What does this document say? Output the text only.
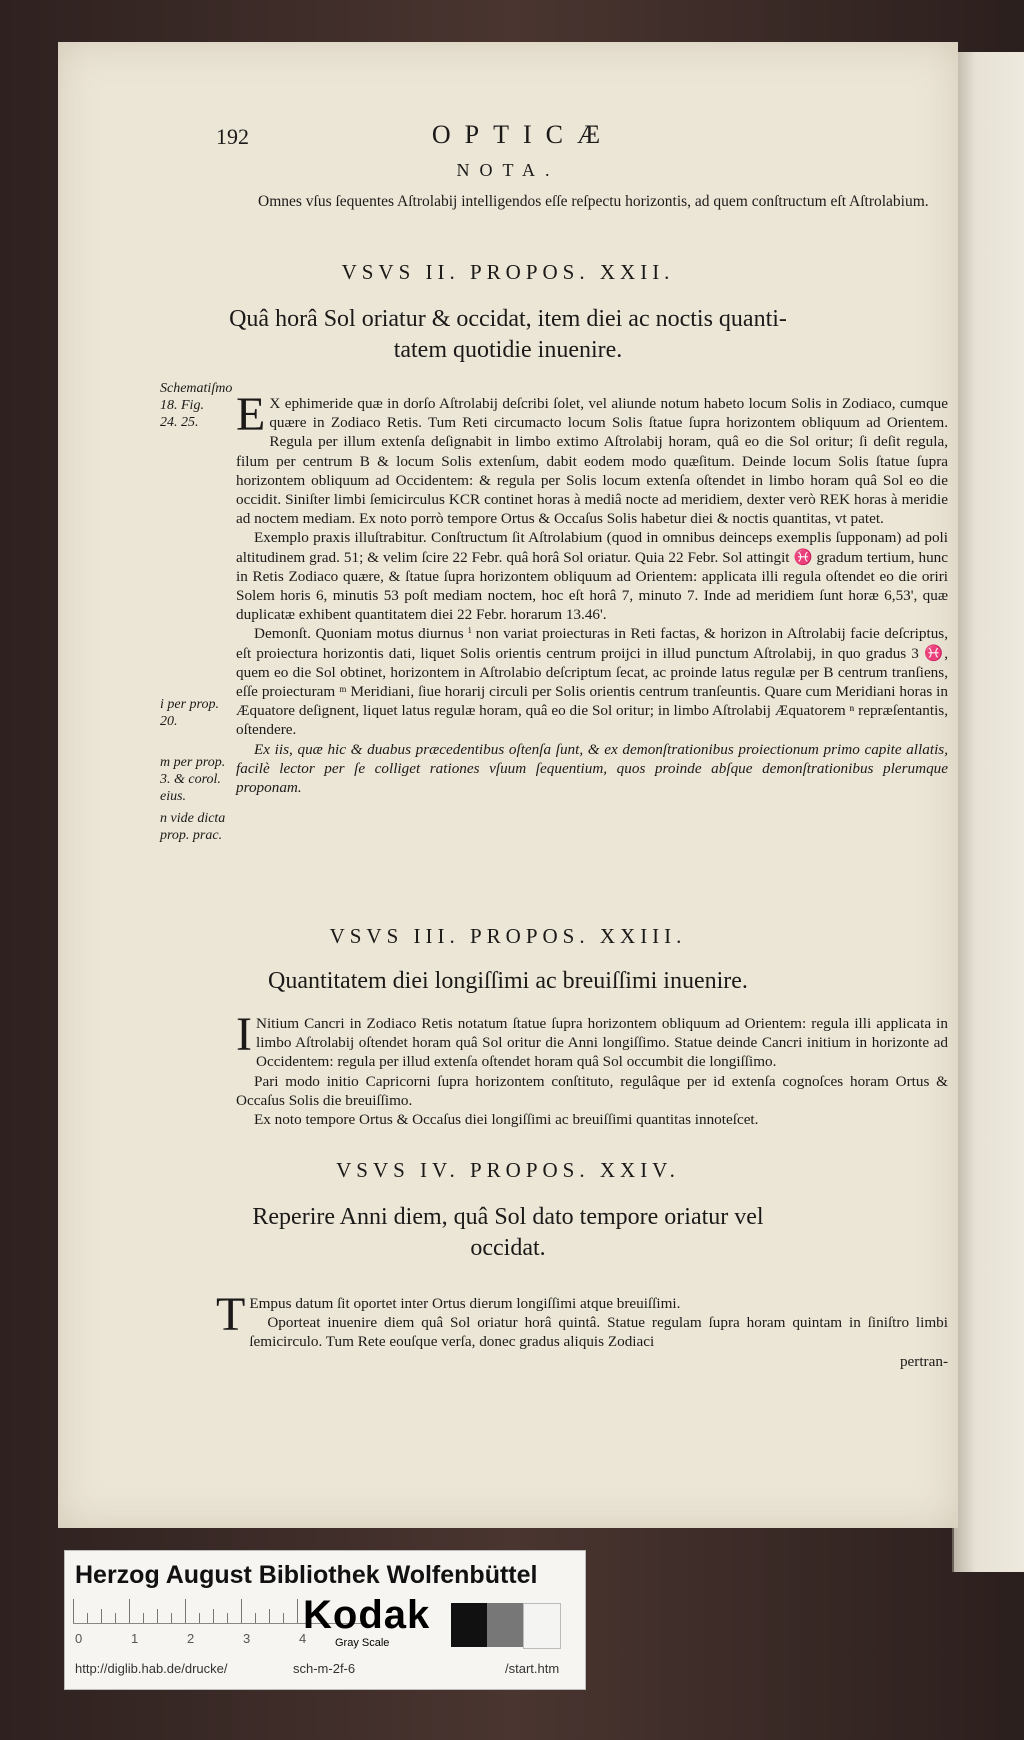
192	OPTICÆ
NOTA.
Omnes vſus ſequentes Aſtrolabij intelligendos eſſe reſpectu horizontis, ad quem conſtructum eſt Aſtrolabium.
VSVS II. PROPOS. XXII.
Quâ horâ Sol oriatur & occidat, item diei ac noctis quanti-
tatem quotidie inuenire.
Schematiſmo 18. Fig. 24. 25. E X ephimeride quæ in dorſo Aſtrolabij deſcribi ſolet, vel aliunde notum habeto locum Solis in Zodiaco, cumque quære in Zodiaco Retis. Tum Reti circumacto locum Solis ſtatue ſupra horizontem obliquum ad Orientem. Regula per illum extenſa deſignabit in limbo extimo Aſtrolabij horam, quâ eo die Sol oritur; ſi deſit regula, filum per centrum B & locum Solis extenſum, dabit eodem modo quæſitum. Deinde locum Solis ſtatue ſupra horizontem obliquum ad Occidentem: & regula per Solis locum extenſa oſtendet in limbo horam quâ Sol eo die occidit. Siniſter limbi ſemicirculus KCR continet horas à mediâ nocte ad meridiem, dexter verò REK horas à meridie ad noctem mediam. Ex noto porrò tempore Ortus & Occaſus Solis habetur diei & noctis quantitas, vt patet.

Exemplo praxis illuſtrabitur. Conſtructum ſit Aſtrolabium (quod in omnibus deinceps exemplis ſupponam) ad poli altitudinem grad. 51; & velim ſcire 22 Febr. quâ horâ Sol oriatur. Quia 22 Febr. Sol attingit ♓ gradum tertium, hunc in Retis Zodiaco quære, & ſtatue ſupra horizontem obliquum ad Orientem: applicata illi regula oſtendet eo die oriri Solem horis 6, minutis 53 poſt mediam noctem, hoc eſt horâ 7, minuto 7. Inde ad meridiem ſunt horæ 6,53', quæ duplicatæ exhibent quantitatem diei 22 Febr. horarum 13.46'.

Demonſt. Quoniam motus diurnus ⁱ non variat proiecturas in Reti factas, & horizon in Aſtrolabij facie deſcriptus, eſt proiectura horizontis dati, liquet Solis orientis centrum proijci in illud punctum Aſtrolabij, in quo gradus 3 ♓, quem eo die Sol obtinet, horizontem in Aſtrolabio deſcriptum ſecat, ac proinde latus regulæ per B centrum tranſiens, eſſe proiecturam ᵐ Meridiani, ſiue horarij circuli per Solis orientis centrum tranſeuntis. Quare cum Meridiani horas in Æquatore deſignent, liquet latus regulæ horam, quâ eo die Sol oritur; in limbo Aſtrolabij Æquatorem ⁿ repræſentantis, oſtendere.

Ex iis, quæ hic & duabus præcedentibus oſtenſa ſunt, & ex demonſtrationibus proiectionum primo capite allatis, facilè lector per ſe colliget rationes vſuum ſequentium, quos proinde abſque demonſtrationibus plerumque proponam.

i per prop. 20.
m per prop. 3. & corol. eius.
n vide dicta prop. prac.
VSVS III. PROPOS. XXIII.
Quantitatem diei longiſſimi ac breuiſſimi inuenire.

I Nitium Cancri in Zodiaco Retis notatum ſtatue ſupra horizontem obliquum ad Orientem: regula illi applicata in limbo Aſtrolabij oſtendet horam quâ Sol oritur die Anni longiſſimo. Statue deinde Cancri initium in horizonte ad Occidentem: regula per illud extenſa oſtendet horam quâ Sol occumbit die longiſſimo.

Pari modo initio Capricorni ſupra horizontem conſtituto, regulâque per id extenſa cognoſces horam Ortus & Occaſus Solis die breuiſſimo.

Ex noto tempore Ortus & Occaſus diei longiſſimi ac breuiſſimi quantitas innoteſcet.

VSVS IV. PROPOS. XXIV.
Reperire Anni diem, quâ Sol dato tempore oriatur vel
occidat.

T Empus datum ſit oportet inter Ortus dierum longiſſimi atque breuiſſimi.

Oporteat inuenire diem quâ Sol oriatur horâ quintâ. Statue regulam ſupra horam quintam in ſiniſtro limbi ſemicirculo. Tum Rete eouſque verſa, donec gradus aliquis Zodiaci

pertran-

Herzog August Bibliothek Wolfenbüttel
0	1	2	3	4
Kodak
Gray Scale
http://diglib.hab.de/drucke/	sch-m-2f-6	/start.htm
